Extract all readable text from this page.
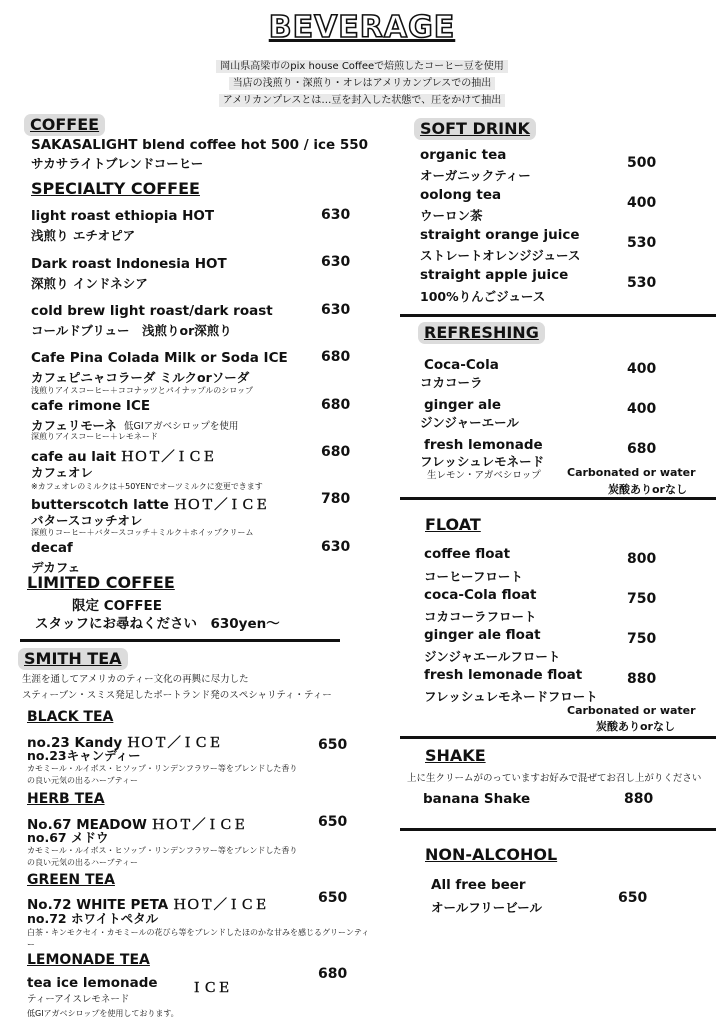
BEVERAGE
岡山県高梁市のpix house Coffeeで焙煎したコーヒー豆を使用
当店の浅煎り・深煎り・オレはアメリカンプレスでの抽出
アメリカンプレスとは…豆を封入した状態で、圧をかけて抽出
COFFEE
SAKASALIGHT blend coffee hot 500 / ice 550
サカサライトブレンドコーヒー
SPECIALTY COFFEE
light roast ethiopia HOT
浅煎り エチオピア
630
Dark roast Indonesia HOT
深煎り インドネシア
630
cold brew light roast/dark roast
コールドブリュー　浅煎りor深煎り
630
Cafe Pina Colada Milk or Soda ICE
カフェピニャコラーダ ミルクorソーダ
浅煎りアイスコーヒー＋ココナッツとパイナップルのシロップ
680
cafe rimone ICE
カフェリモーネ 低GIアガベシロップを使用
深煎りアイスコーヒー＋レモネード
680
cafe au lait ＨＯＴ／ＩＣＥ
カフェオレ
※カフェオレのミルクは＋50YENでオーツミルクに変更できます
680
butterscotch latte ＨＯＴ／ＩＣＥ
バタースコッチオレ
深煎りコーヒー＋バタースコッチ＋ミルク＋ホイップクリーム
780
decaf
デカフェ
630
LIMITED COFFEE
限定 COFFEE
スタッフにお尋ねください　630yen〜
SMITH TEA
生涯を通してアメリカのティー文化の再興に尽力した
スティーブン・スミス発足したポートランド発のスペシャリティ・ティー
BLACK TEA
no.23 Kandy ＨＯＴ／ＩＣＥ
no.23キャンディー
650
カモミール・ルイボス・ヒソップ・リンデンフラワー等をブレンドした香り
の良い元気の出るハーブティー
HERB TEA
No.67 MEADOW ＨＯＴ／ＩＣＥ
no.67 メドウ
650
カモミール・ルイボス・ヒソップ・リンデンフラワー等をブレンドした香り
の良い元気の出るハーブティー
GREEN TEA
No.72 WHITE PETA ＨＯＴ／ＩＣＥ
no.72 ホワイトペタル
650
白茶・キンモクセイ・カモミールの花びら等をブレンドしたほのかな甘みを感じるグリーンティ
ー
LEMONADE TEA
tea ice lemonade ＩＣＥ
ティーアイスレモネード
680
低GIアガベシロップを使用しております。
SOFT DRINK
organic tea
オーガニックティー
500
oolong tea
ウーロン茶
400
straight orange juice
ストレートオレンジジュース
530
straight apple juice
100%りんごジュース
530
REFRESHING
Coca-Cola
コカコーラ
400
ginger ale
ジンジャーエール
400
fresh lemonade
フレッシュレモネード
680
生レモン・アガベシロップ Carbonated or water
炭酸ありorなし
FLOAT
coffee float
コーヒーフロート
800
coca-Cola float
コカコーラフロート
750
ginger ale float
ジンジャエールフロート
750
fresh lemonade float
フレッシュレモネードフロート
880
Carbonated or water
炭酸ありorなし
SHAKE
上に生クリームがのっていますお好みで混ぜてお召し上がりください
banana Shake	880
NON-ALCOHOL
All free beer
オールフリービール
650
